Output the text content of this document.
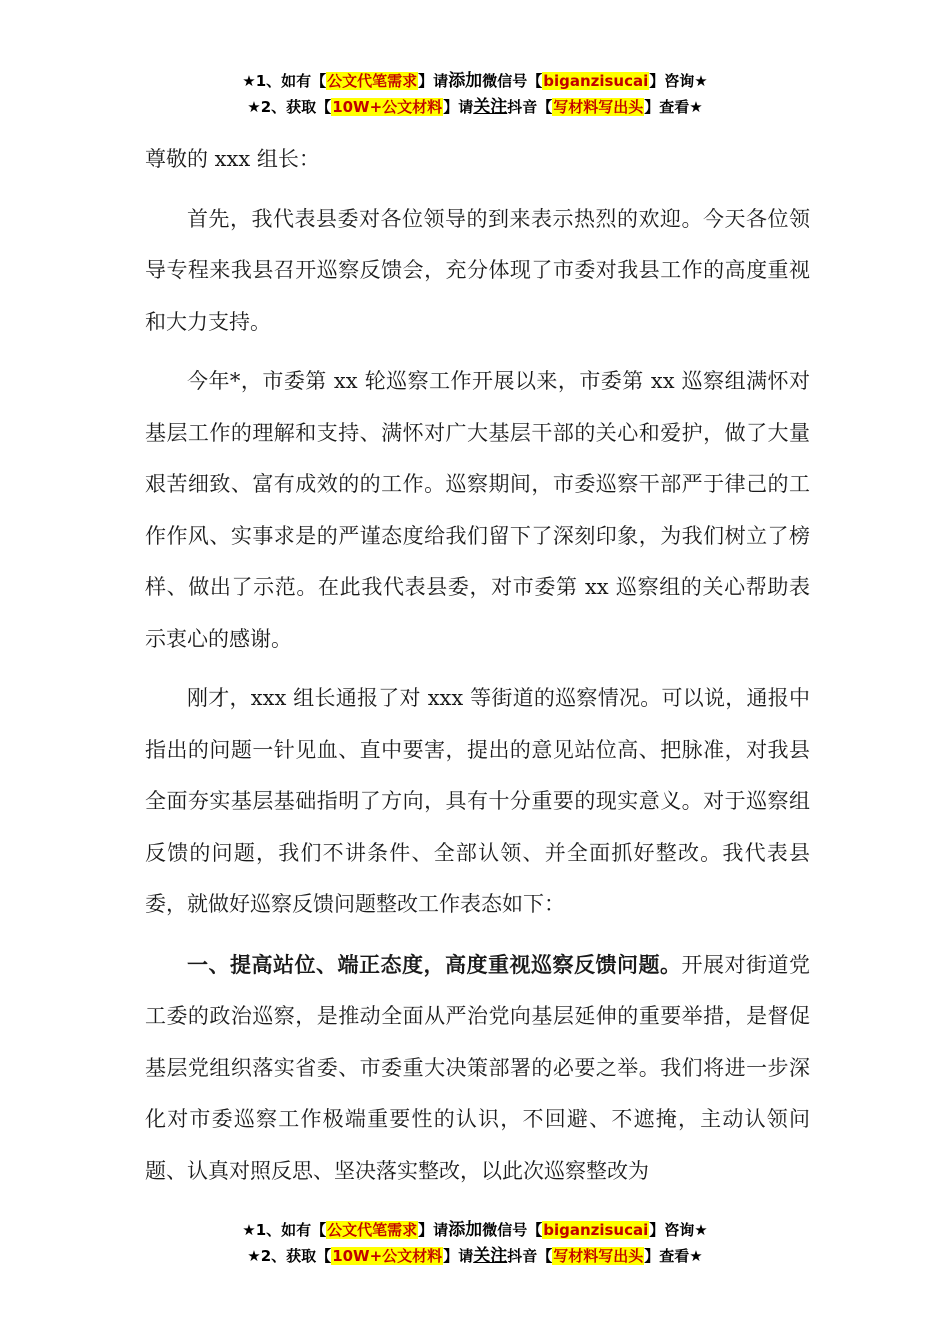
★1、如有【公文代笔需求】请添加微信号【biganzisucai】咨询★
★2、获取【10W+公文材料】请关注抖音【写材料写出头】查看★

尊敬的 xxx 组长：

首先，我代表县委对各位领导的到来表示热烈的欢迎。今天各位领导专程来我县召开巡察反馈会，充分体现了市委对我县工作的高度重视和大力支持。

今年*，市委第 xx 轮巡察工作开展以来，市委第 xx 巡察组满怀对基层工作的理解和支持、满怀对广大基层干部的关心和爱护，做了大量艰苦细致、富有成效的的工作。巡察期间，市委巡察干部严于律己的工作作风、实事求是的严谨态度给我们留下了深刻印象，为我们树立了榜样、做出了示范。在此我代表县委，对市委第 xx 巡察组的关心帮助表示衷心的感谢。

刚才，xxx 组长通报了对 xxx 等街道的巡察情况。可以说，通报中指出的问题一针见血、直中要害，提出的意见站位高、把脉准，对我县全面夯实基层基础指明了方向，具有十分重要的现实意义。对于巡察组反馈的问题，我们不讲条件、全部认领、并全面抓好整改。我代表县委，就做好巡察反馈问题整改工作表态如下：

一、提高站位、端正态度，高度重视巡察反馈问题。开展对街道党工委的政治巡察，是推动全面从严治党向基层延伸的重要举措，是督促基层党组织落实省委、市委重大决策部署的必要之举。我们将进一步深化对市委巡察工作极端重要性的认识，不回避、不遮掩，主动认领问题、认真对照反思、坚决落实整改，以此次巡察整改为

★1、如有【公文代笔需求】请添加微信号【biganzisucai】咨询★
★2、获取【10W+公文材料】请关注抖音【写材料写出头】查看★
